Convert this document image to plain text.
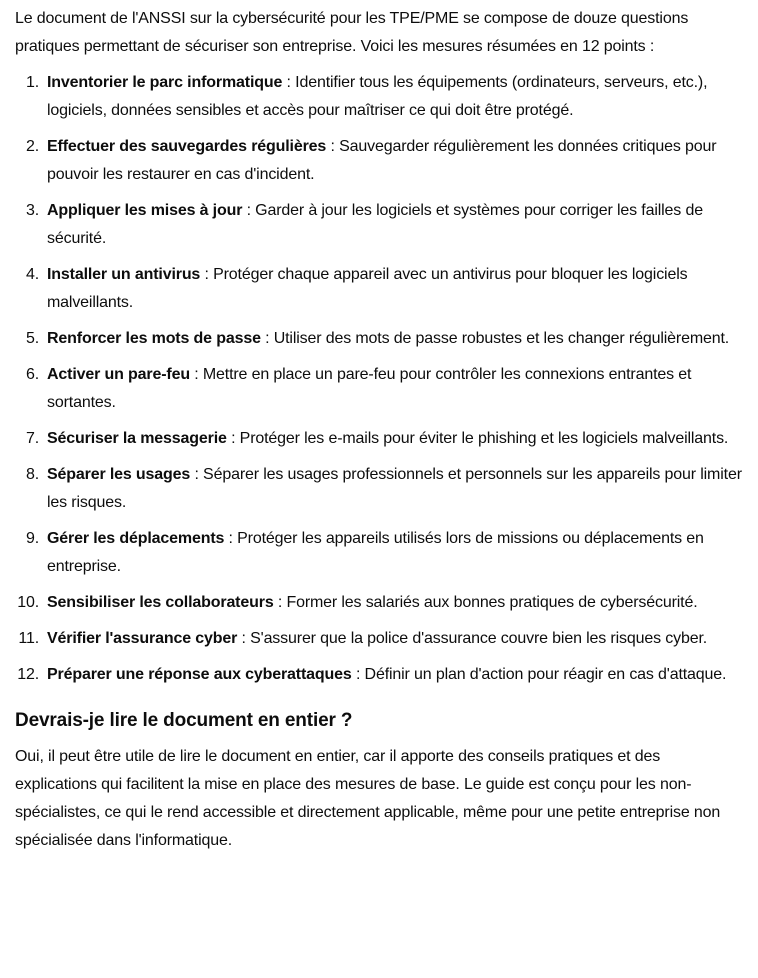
Le document de l'ANSSI sur la cybersécurité pour les TPE/PME se compose de douze questions pratiques permettant de sécuriser son entreprise. Voici les mesures résumées en 12 points :

1. Inventorier le parc informatique : Identifier tous les équipements (ordinateurs, serveurs, etc.), logiciels, données sensibles et accès pour maîtriser ce qui doit être protégé.
2. Effectuer des sauvegardes régulières : Sauvegarder régulièrement les données critiques pour pouvoir les restaurer en cas d'incident.
3. Appliquer les mises à jour : Garder à jour les logiciels et systèmes pour corriger les failles de sécurité.
4. Installer un antivirus : Protéger chaque appareil avec un antivirus pour bloquer les logiciels malveillants.
5. Renforcer les mots de passe : Utiliser des mots de passe robustes et les changer régulièrement.
6. Activer un pare-feu : Mettre en place un pare-feu pour contrôler les connexions entrantes et sortantes.
7. Sécuriser la messagerie : Protéger les e-mails pour éviter le phishing et les logiciels malveillants.
8. Séparer les usages : Séparer les usages professionnels et personnels sur les appareils pour limiter les risques.
9. Gérer les déplacements : Protéger les appareils utilisés lors de missions ou déplacements en entreprise.
10. Sensibiliser les collaborateurs : Former les salariés aux bonnes pratiques de cybersécurité.
11. Vérifier l'assurance cyber : S'assurer que la police d'assurance couvre bien les risques cyber.
12. Préparer une réponse aux cyberattaques : Définir un plan d'action pour réagir en cas d'attaque.
Devrais-je lire le document en entier ?

Oui, il peut être utile de lire le document en entier, car il apporte des conseils pratiques et des explications qui facilitent la mise en place des mesures de base. Le guide est conçu pour les non-spécialistes, ce qui le rend accessible et directement applicable, même pour une petite entreprise non spécialisée dans l'informatique.
